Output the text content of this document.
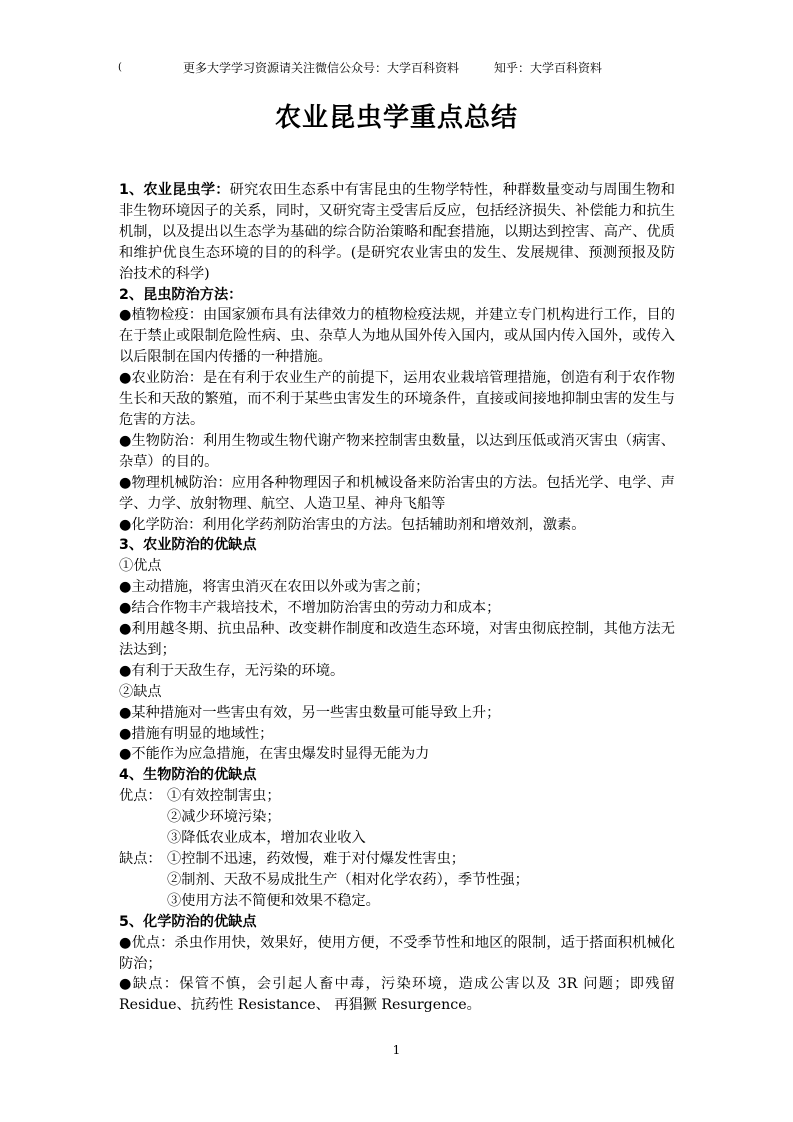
(	更多大学学习资源请关注微信公众号：大学百科资料	知乎：大学百科资料
农业昆虫学重点总结

1、农业昆虫学：研究农田生态系中有害昆虫的生物学特性，种群数量变动与周围生物和非生物环境因子的关系，同时，又研究寄主受害后反应，包括经济损失、补偿能力和抗生机制，以及提出以生态学为基础的综合防治策略和配套措施，以期达到控害、高产、优质和维护优良生态环境的目的的科学。(是研究农业害虫的发生、发展规律、预测预报及防治技术的科学)

2、昆虫防治方法：

●植物检疫：由国家颁布具有法律效力的植物检疫法规，并建立专门机构进行工作，目的在于禁止或限制危险性病、虫、杂草人为地从国外传入国内，或从国内传入国外，或传入以后限制在国内传播的一种措施。

●农业防治：是在有利于农业生产的前提下，运用农业栽培管理措施，创造有利于农作物生长和天敌的繁殖，而不利于某些虫害发生的环境条件，直接或间接地抑制虫害的发生与危害的方法。

●生物防治：利用生物或生物代谢产物来控制害虫数量，以达到压低或消灭害虫（病害、杂草）的目的。

●物理机械防治：应用各种物理因子和机械设备来防治害虫的方法。包括光学、电学、声学、力学、放射物理、航空、人造卫星、神舟飞船等

●化学防治：利用化学药剂防治害虫的方法。包括辅助剂和增效剂，激素。

3、农业防治的优缺点

①优点

●主动措施，将害虫消灭在农田以外或为害之前；

●结合作物丰产栽培技术，不增加防治害虫的劳动力和成本；

●利用越冬期、抗虫品种、改变耕作制度和改造生态环境，对害虫彻底控制，其他方法无法达到；

●有利于天敌生存，无污染的环境。

②缺点

●某种措施对一些害虫有效，另一些害虫数量可能导致上升；

●措施有明显的地域性；

●不能作为应急措施，在害虫爆发时显得无能为力

4、生物防治的优缺点

优点： ①有效控制害虫；
②减少环境污染；
③降低农业成本，增加农业收入
缺点： ①控制不迅速，药效慢，难于对付爆发性害虫；
②制剂、天敌不易成批生产（相对化学农药），季节性强；
③使用方法不简便和效果不稳定。

5、化学防治的优缺点

●优点：杀虫作用快，效果好，使用方便，不受季节性和地区的限制，适于搭面积机械化防治；

●缺点：保管不慎，会引起人畜中毒，污染环境，造成公害以及 3R 问题；即残留 Residue、抗药性 Resistance、 再猖獗 Resurgence。

1
